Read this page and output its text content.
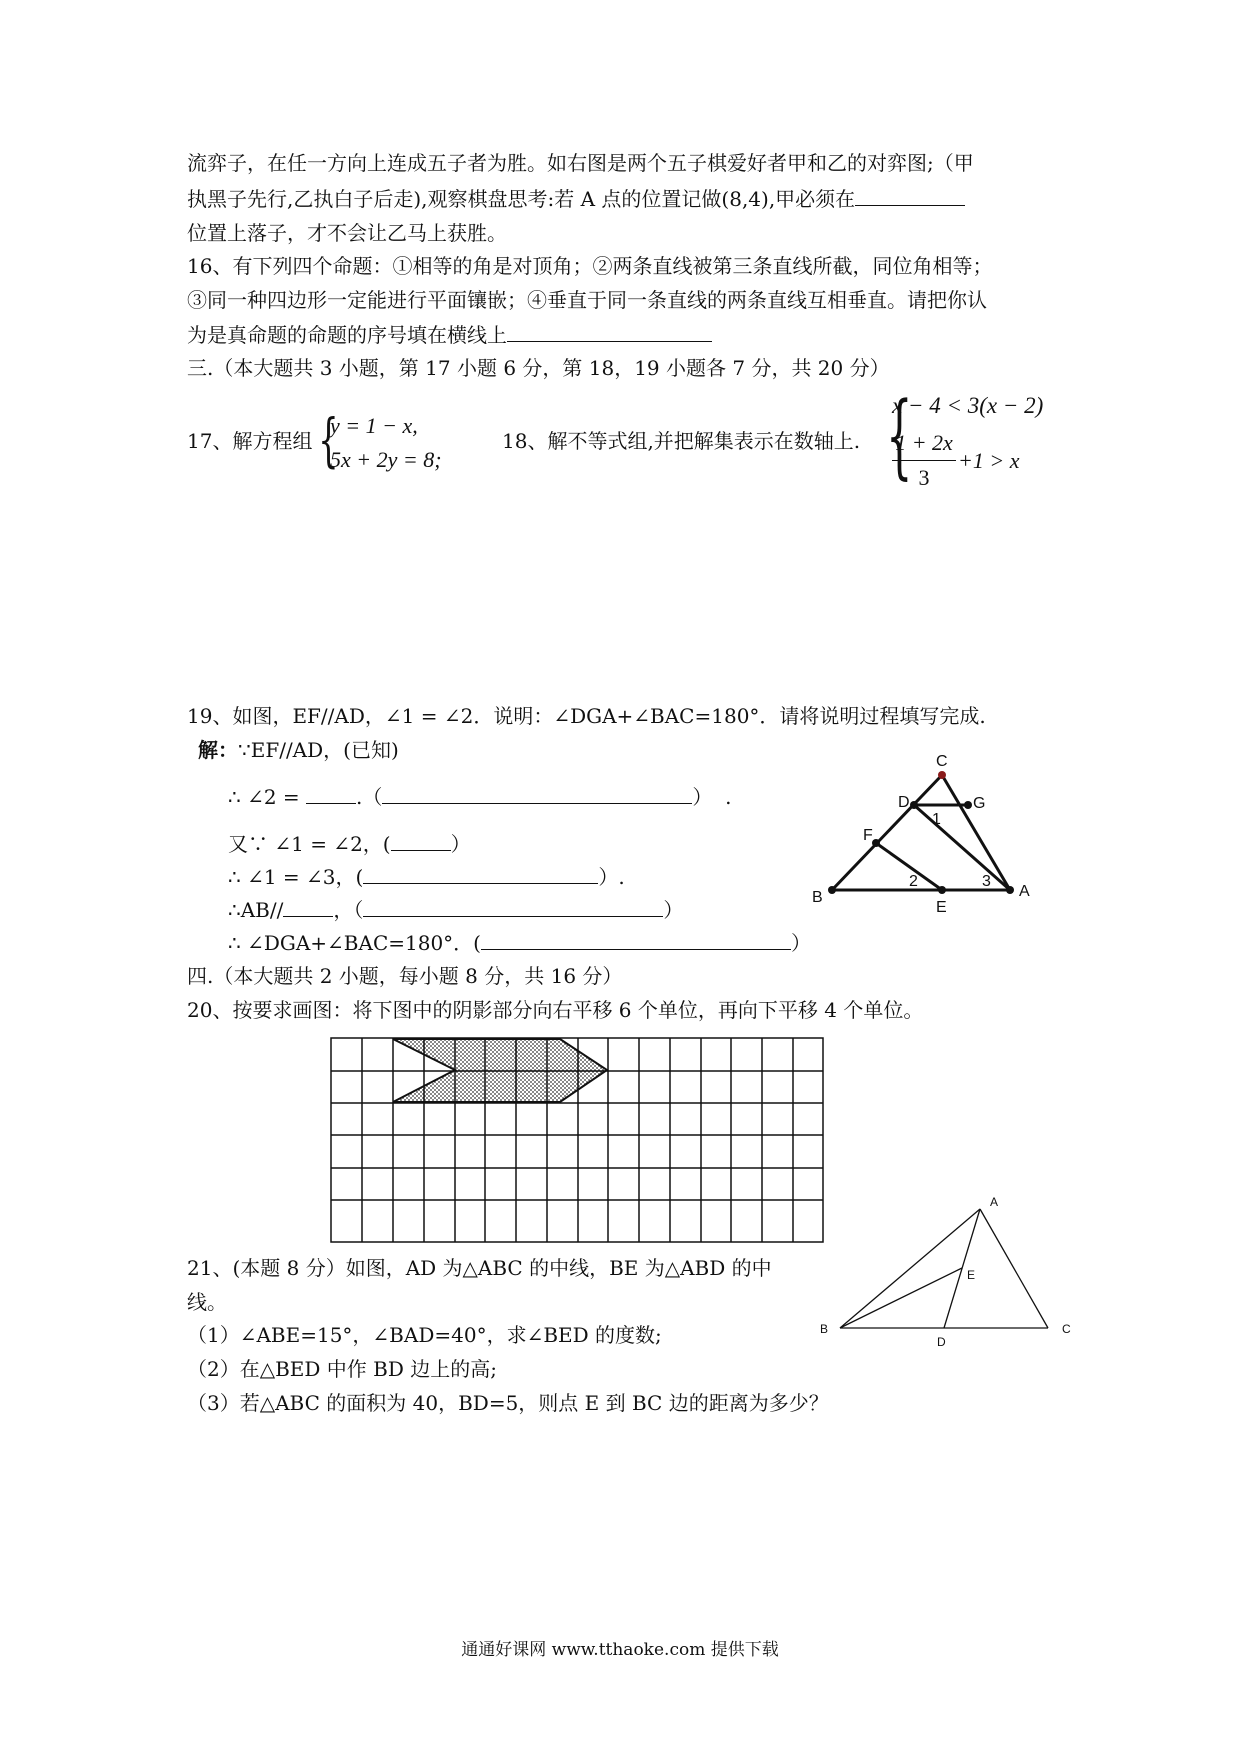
流弈子，在任一方向上连成五子者为胜。如右图是两个五子棋爱好者甲和乙的对弈图;（甲
执黑子先行,乙执白子后走),观察棋盘思考:若 A 点的位置记做(8,4),甲必须在
位置上落子，才不会让乙马上获胜。
16、有下列四个命题：①相等的角是对顶角；②两条直线被第三条直线所截，同位角相等；
③同一种四边形一定能进行平面镶嵌；④垂直于同一条直线的两条直线互相垂直。请把你认
为是真命题的命题的序号填在横线上
三.（本大题共 3 小题，第 17 小题 6 分，第 18，19 小题各 7 分，共 20 分）
17、解方程组 {
y = 1 − x,
5x + 2y = 8;
18、解不等式组,并把解集表示在数轴上. {
x − 4 < 3(x − 2)
1 + 2x
3
+1 > x
19、如图，EF//AD，∠1 = ∠2．说明：∠DGA+∠BAC=180°．请将说明过程填写完成.
解：∵EF//AD，(已知)
∴ ∠2 =	.（	）  .
又∵ ∠1 = ∠2，(	）
∴ ∠1 = ∠3，(	）.
∴AB//	，（	）
∴ ∠DGA+∠BAC=180°．(	）
C
D	G
F
1
2	3
B
E
A
四.（本大题共 2 小题，每小题 8 分，共 16 分）
20、按要求画图：将下图中的阴影部分向右平移 6 个单位，再向下平移 4 个单位。
21、(本题 8 分）如图，AD 为△ABC 的中线，BE 为△ABD 的中
线。
（1）∠ABE=15°，∠BAD=40°，求∠BED 的度数;
（2）在△BED 中作 BD 边上的高;
（3）若△ABC 的面积为 40，BD=5，则点 E 到 BC 边的距离为多少？
A
E
B
D
C
通通好课网 www.tthaoke.com 提供下载
